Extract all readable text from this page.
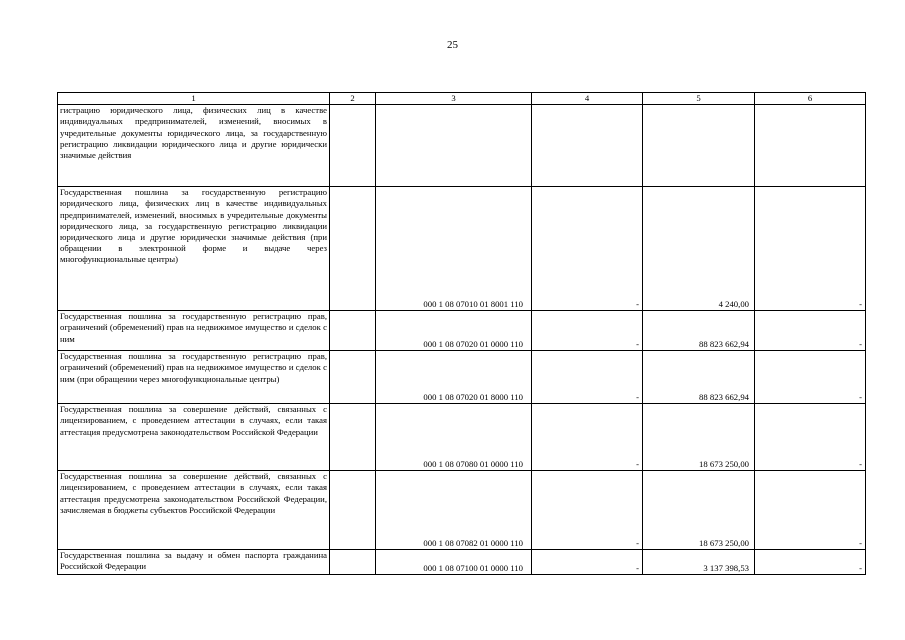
25
1	2	3	4	5	6
гистрацию юридического лица, физических лиц в качестве индивидуальных предпринимателей, изменений, вносимых в учредительные документы юридического лица, за государственную регистрацию ликвидации юридического лица и другие юридически значимые действия					
Государственная пошлина за государственную регистрацию юридического лица, физических лиц в качестве индивидуальных предпринимателей, изменений, вносимых в учредительные документы юридического лица, за государственную регистрацию ликвидации юридического лица и другие юридически значимые действия (при обращении в электронной форме и выдаче через многофункциональные центры)		000 1 08 07010 01 8001 110	-	4 240,00	-
Государственная пошлина за государственную регистрацию прав, ограничений (обременений) прав на недвижимое имущество и сделок с ним		000 1 08 07020 01 0000 110	-	88 823 662,94	-
Государственная пошлина за государственную регистрацию прав, ограничений (обременений) прав на недвижимое имущество и сделок с ним (при обращении через многофункциональные центры)		000 1 08 07020 01 8000 110	-	88 823 662,94	-
Государственная пошлина за совершение действий, связанных с лицензированием, с проведением аттестации в случаях, если такая аттестация предусмотрена законодательством Российской Федерации		000 1 08 07080 01 0000 110	-	18 673 250,00	-
Государственная пошлина за совершение действий, связанных с лицензированием, с проведением аттестации в случаях, если такая аттестация предусмотрена законодательством Российской Федерации, зачисляемая в бюджеты субъектов Российской Федерации		000 1 08 07082 01 0000 110	-	18 673 250,00	-
Государственная пошлина за выдачу и обмен паспорта гражданина Российской Федерации		000 1 08 07100 01 0000 110	-	3 137 398,53	-
